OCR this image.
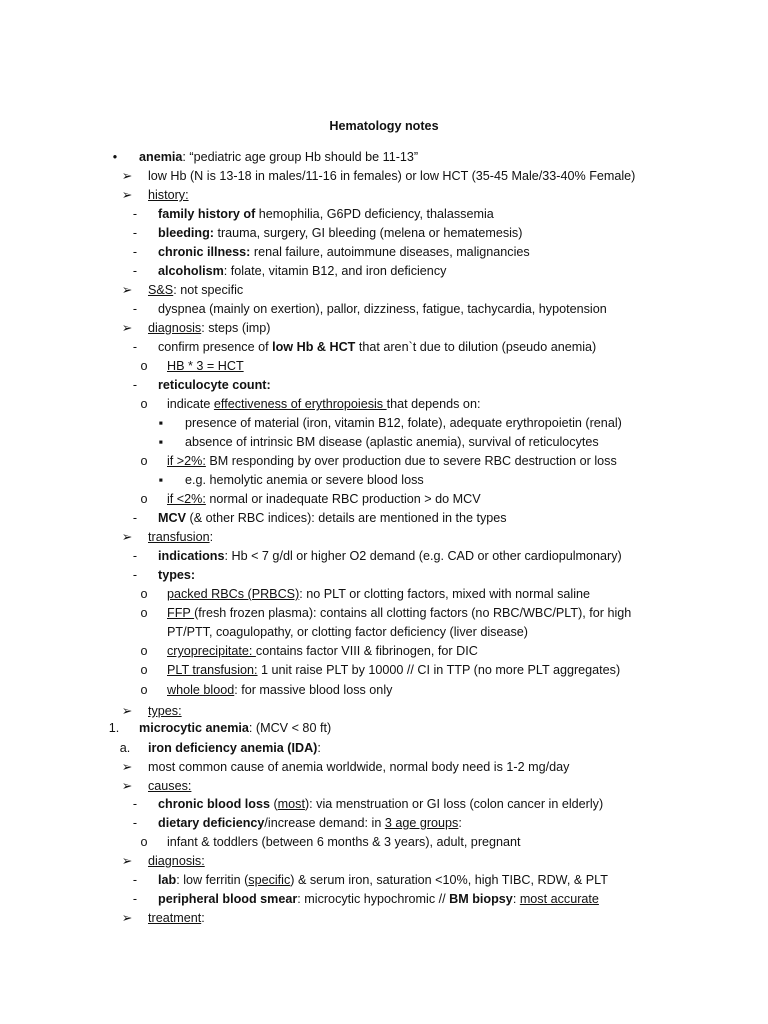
Hematology notes
•	anemia: “pediatric age group Hb should be 11-13”
➢ low Hb (N is 13-18 in males/11-16 in females) or low HCT (35-45 Male/33-40% Female)
➢ history:
-	family history of hemophilia, G6PD deficiency, thalassemia
-	bleeding: trauma, surgery, GI bleeding (melena or hematemesis)
-	chronic illness: renal failure, autoimmune diseases, malignancies
-	alcoholism: folate, vitamin B12, and iron deficiency
➢ S&S: not specific
-	dyspnea (mainly on exertion), pallor, dizziness, fatigue, tachycardia, hypotension
➢ diagnosis: steps (imp)
-	confirm presence of low Hb & HCT that aren`t due to dilution (pseudo anemia)
o	HB * 3 = HCT
-	reticulocyte count:
o	indicate effectiveness of erythropoiesis that depends on:
▪	presence of material (iron, vitamin B12, folate), adequate erythropoietin (renal)
▪	absence of intrinsic BM disease (aplastic anemia), survival of reticulocytes
o	if >2%: BM responding by over production due to severe RBC destruction or loss
▪	e.g. hemolytic anemia or severe blood loss
o	if <2%: normal or inadequate RBC production > do MCV
-	MCV (& other RBC indices): details are mentioned in the types
➢ transfusion:
-	indications: Hb < 7 g/dl or higher O2 demand (e.g. CAD or other cardiopulmonary)
-	types:
o	packed RBCs (PRBCS): no PLT or clotting factors, mixed with normal saline
o	FFP (fresh frozen plasma): contains all clotting factors (no RBC/WBC/PLT), for high
PT/PTT, coagulopathy, or clotting factor deficiency (liver disease)
o	cryoprecipitate: contains factor VIII & fibrinogen, for DIC
o	PLT transfusion: 1 unit raise PLT by 10000 // CI in TTP (no more PLT aggregates)
o	whole blood: for massive blood loss only
➢ types:
1. microcytic anemia: (MCV < 80 ft)
a. iron deficiency anemia (IDA):
➢ most common cause of anemia worldwide, normal body need is 1-2 mg/day
➢ causes:
-	chronic blood loss (most): via menstruation or GI loss (colon cancer in elderly)
-	dietary deficiency/increase demand: in 3 age groups:
o	infant & toddlers (between 6 months & 3 years), adult, pregnant
➢ diagnosis:
-	lab: low ferritin (specific) & serum iron, saturation <10%, high TIBC, RDW, & PLT
-	peripheral blood smear: microcytic hypochromic // BM biopsy: most accurate
➢ treatment:
